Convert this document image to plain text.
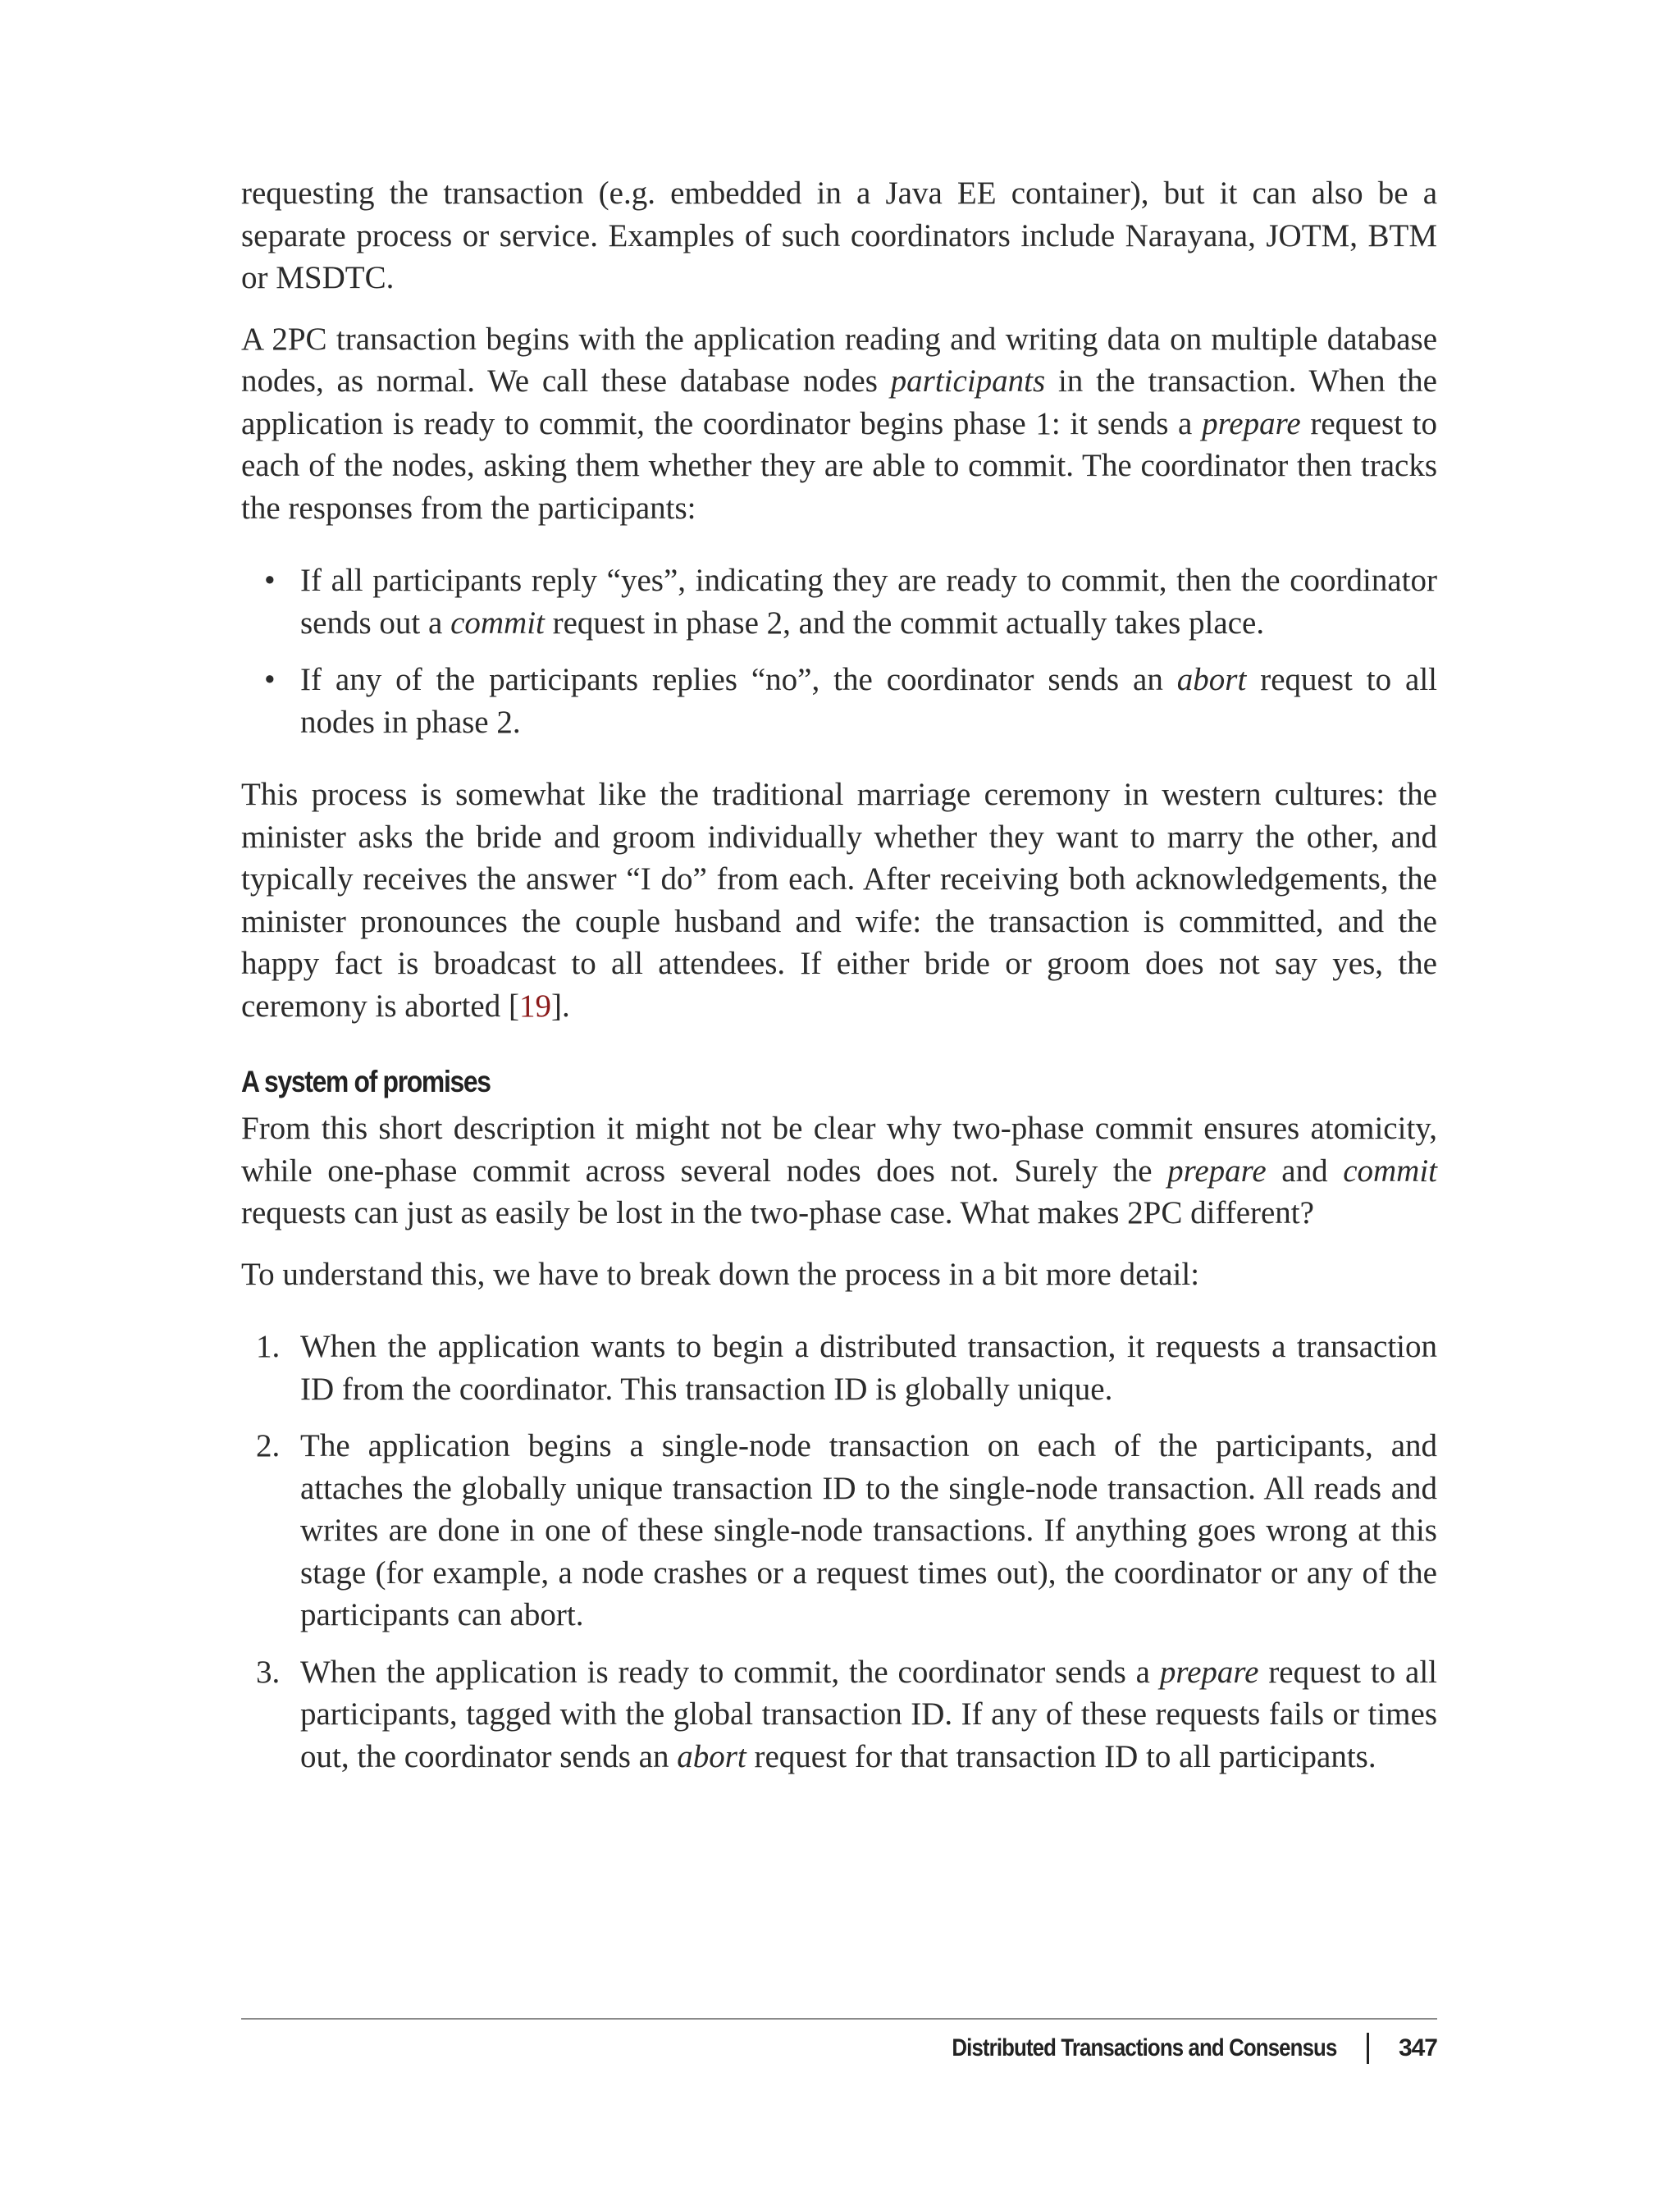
requesting the transaction (e.g. embedded in a Java EE container), but it can also be a separate process or service. Examples of such coordinators include Narayana, JOTM, BTM or MSDTC.

A 2PC transaction begins with the application reading and writing data on multiple database nodes, as normal. We call these database nodes participants in the transaction. When the application is ready to commit, the coordinator begins phase 1: it sends a prepare request to each of the nodes, asking them whether they are able to commit. The coordinator then tracks the responses from the participants:

• If all participants reply “yes”, indicating they are ready to commit, then the coordinator sends out a commit request in phase 2, and the commit actually takes place.
• If any of the participants replies “no”, the coordinator sends an abort request to all nodes in phase 2.

This process is somewhat like the traditional marriage ceremony in western cultures: the minister asks the bride and groom individually whether they want to marry the other, and typically receives the answer “I do” from each. After receiving both acknowledgements, the minister pronounces the couple husband and wife: the transaction is committed, and the happy fact is broadcast to all attendees. If either bride or groom does not say yes, the ceremony is aborted [19].

A system of promises

From this short description it might not be clear why two-phase commit ensures atomicity, while one-phase commit across several nodes does not. Surely the prepare and commit requests can just as easily be lost in the two-phase case. What makes 2PC different?

To understand this, we have to break down the process in a bit more detail:

1. When the application wants to begin a distributed transaction, it requests a transaction ID from the coordinator. This transaction ID is globally unique.
2. The application begins a single-node transaction on each of the participants, and attaches the globally unique transaction ID to the single-node transaction. All reads and writes are done in one of these single-node transactions. If anything goes wrong at this stage (for example, a node crashes or a request times out), the coordinator or any of the participants can abort.
3. When the application is ready to commit, the coordinator sends a prepare request to all participants, tagged with the global transaction ID. If any of these requests fails or times out, the coordinator sends an abort request for that transaction ID to all participants.
Distributed Transactions and Consensus	347
